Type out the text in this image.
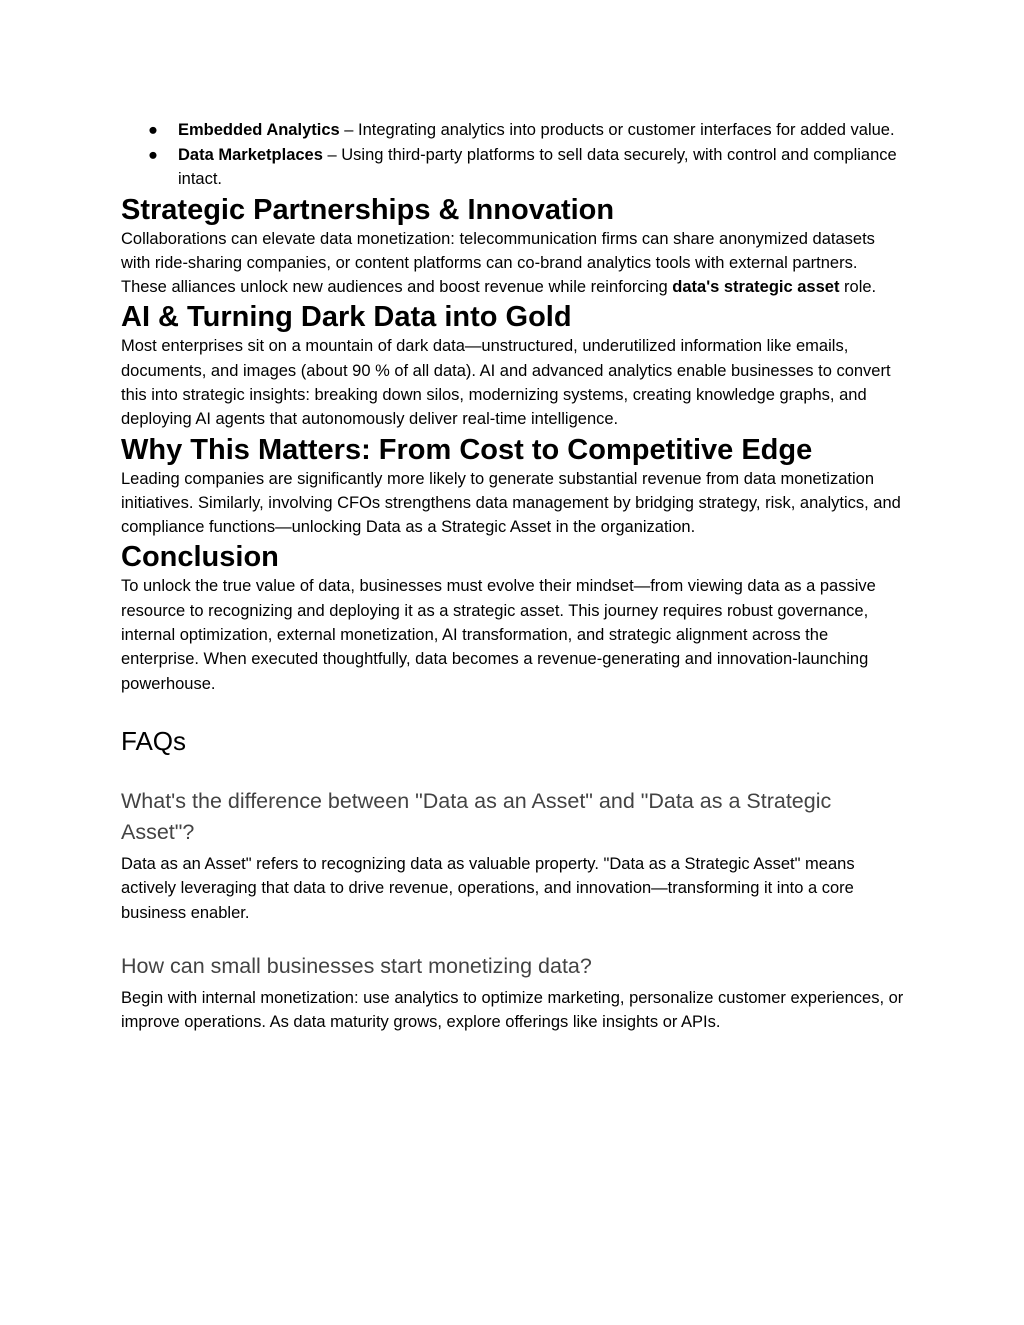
● Embedded Analytics – Integrating analytics into products or customer interfaces for added value.
● Data Marketplaces – Using third-party platforms to sell data securely, with control and compliance intact.
Strategic Partnerships & Innovation

Collaborations can elevate data monetization: telecommunication firms can share anonymized datasets with ride-sharing companies, or content platforms can co-brand analytics tools with external partners. These alliances unlock new audiences and boost revenue while reinforcing data's strategic asset role.

AI & Turning Dark Data into Gold

Most enterprises sit on a mountain of dark data—unstructured, underutilized information like emails, documents, and images (about 90 % of all data). AI and advanced analytics enable businesses to convert this into strategic insights: breaking down silos, modernizing systems, creating knowledge graphs, and deploying AI agents that autonomously deliver real-time intelligence.

Why This Matters: From Cost to Competitive Edge

Leading companies are significantly more likely to generate substantial revenue from data monetization initiatives. Similarly, involving CFOs strengthens data management by bridging strategy, risk, analytics, and compliance functions—unlocking Data as a Strategic Asset in the organization.

Conclusion

To unlock the true value of data, businesses must evolve their mindset—from viewing data as a passive resource to recognizing and deploying it as a strategic asset. This journey requires robust governance, internal optimization, external monetization, AI transformation, and strategic alignment across the enterprise. When executed thoughtfully, data becomes a revenue-generating and innovation-launching powerhouse.

FAQs
What's the difference between "Data as an Asset" and "Data as a Strategic Asset"?

Data as an Asset" refers to recognizing data as valuable property. "Data as a Strategic Asset" means actively leveraging that data to drive revenue, operations, and innovation—transforming it into a core business enabler.

How can small businesses start monetizing data?

Begin with internal monetization: use analytics to optimize marketing, personalize customer experiences, or improve operations. As data maturity grows, explore offerings like insights or APIs.
